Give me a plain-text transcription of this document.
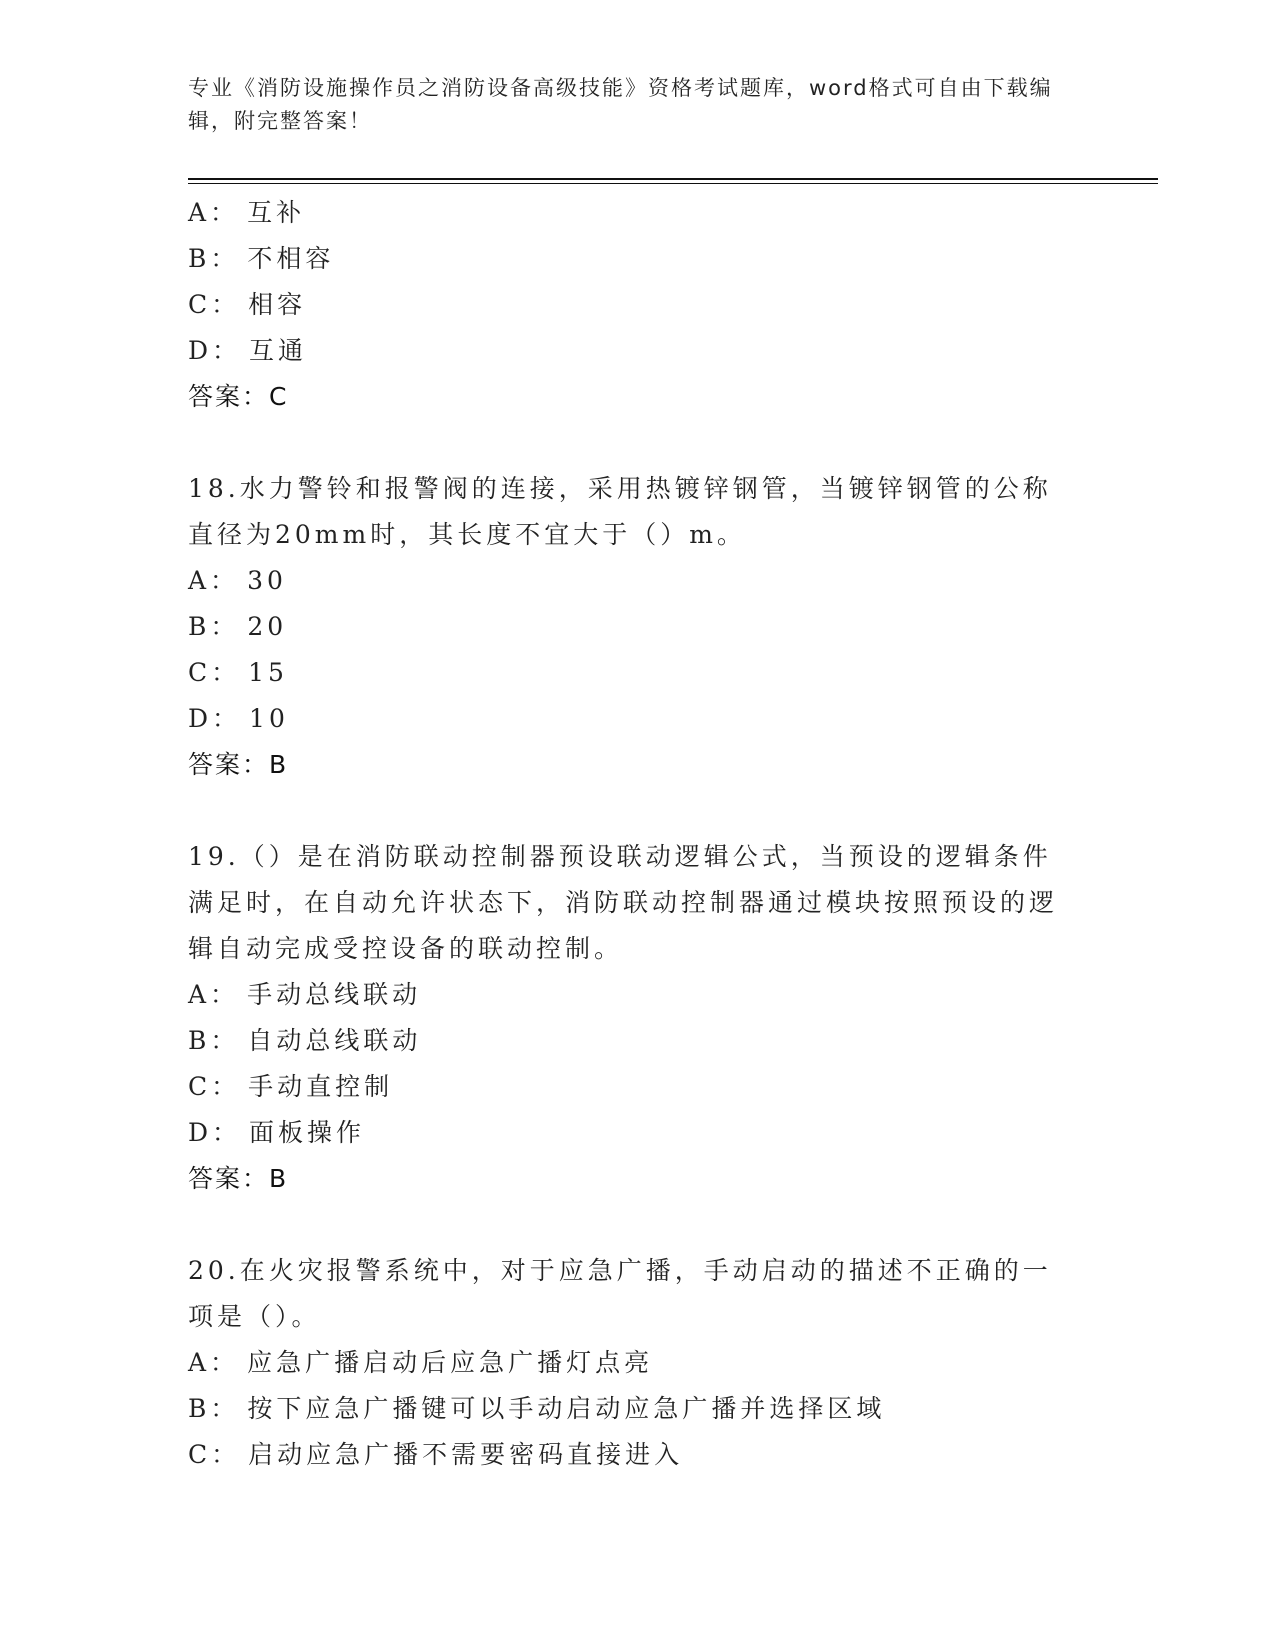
专业《消防设施操作员之消防设备高级技能》资格考试题库，word格式可自由下载编辑，附完整答案！
A： 互补
B： 不相容
C： 相容
D： 互通
答案：C
18.水力警铃和报警阀的连接，采用热镀锌钢管，当镀锌钢管的公称直径为20mm时，其长度不宜大于（）m。
A： 30
B： 20
C： 15
D： 10
答案：B
19.（）是在消防联动控制器预设联动逻辑公式，当预设的逻辑条件满足时，在自动允许状态下，消防联动控制器通过模块按照预设的逻辑自动完成受控设备的联动控制。
A： 手动总线联动
B： 自动总线联动
C： 手动直控制
D： 面板操作
答案：B
20.在火灾报警系统中，对于应急广播，手动启动的描述不正确的一项是（）。
A： 应急广播启动后应急广播灯点亮
B： 按下应急广播键可以手动启动应急广播并选择区域
C： 启动应急广播不需要密码直接进入
